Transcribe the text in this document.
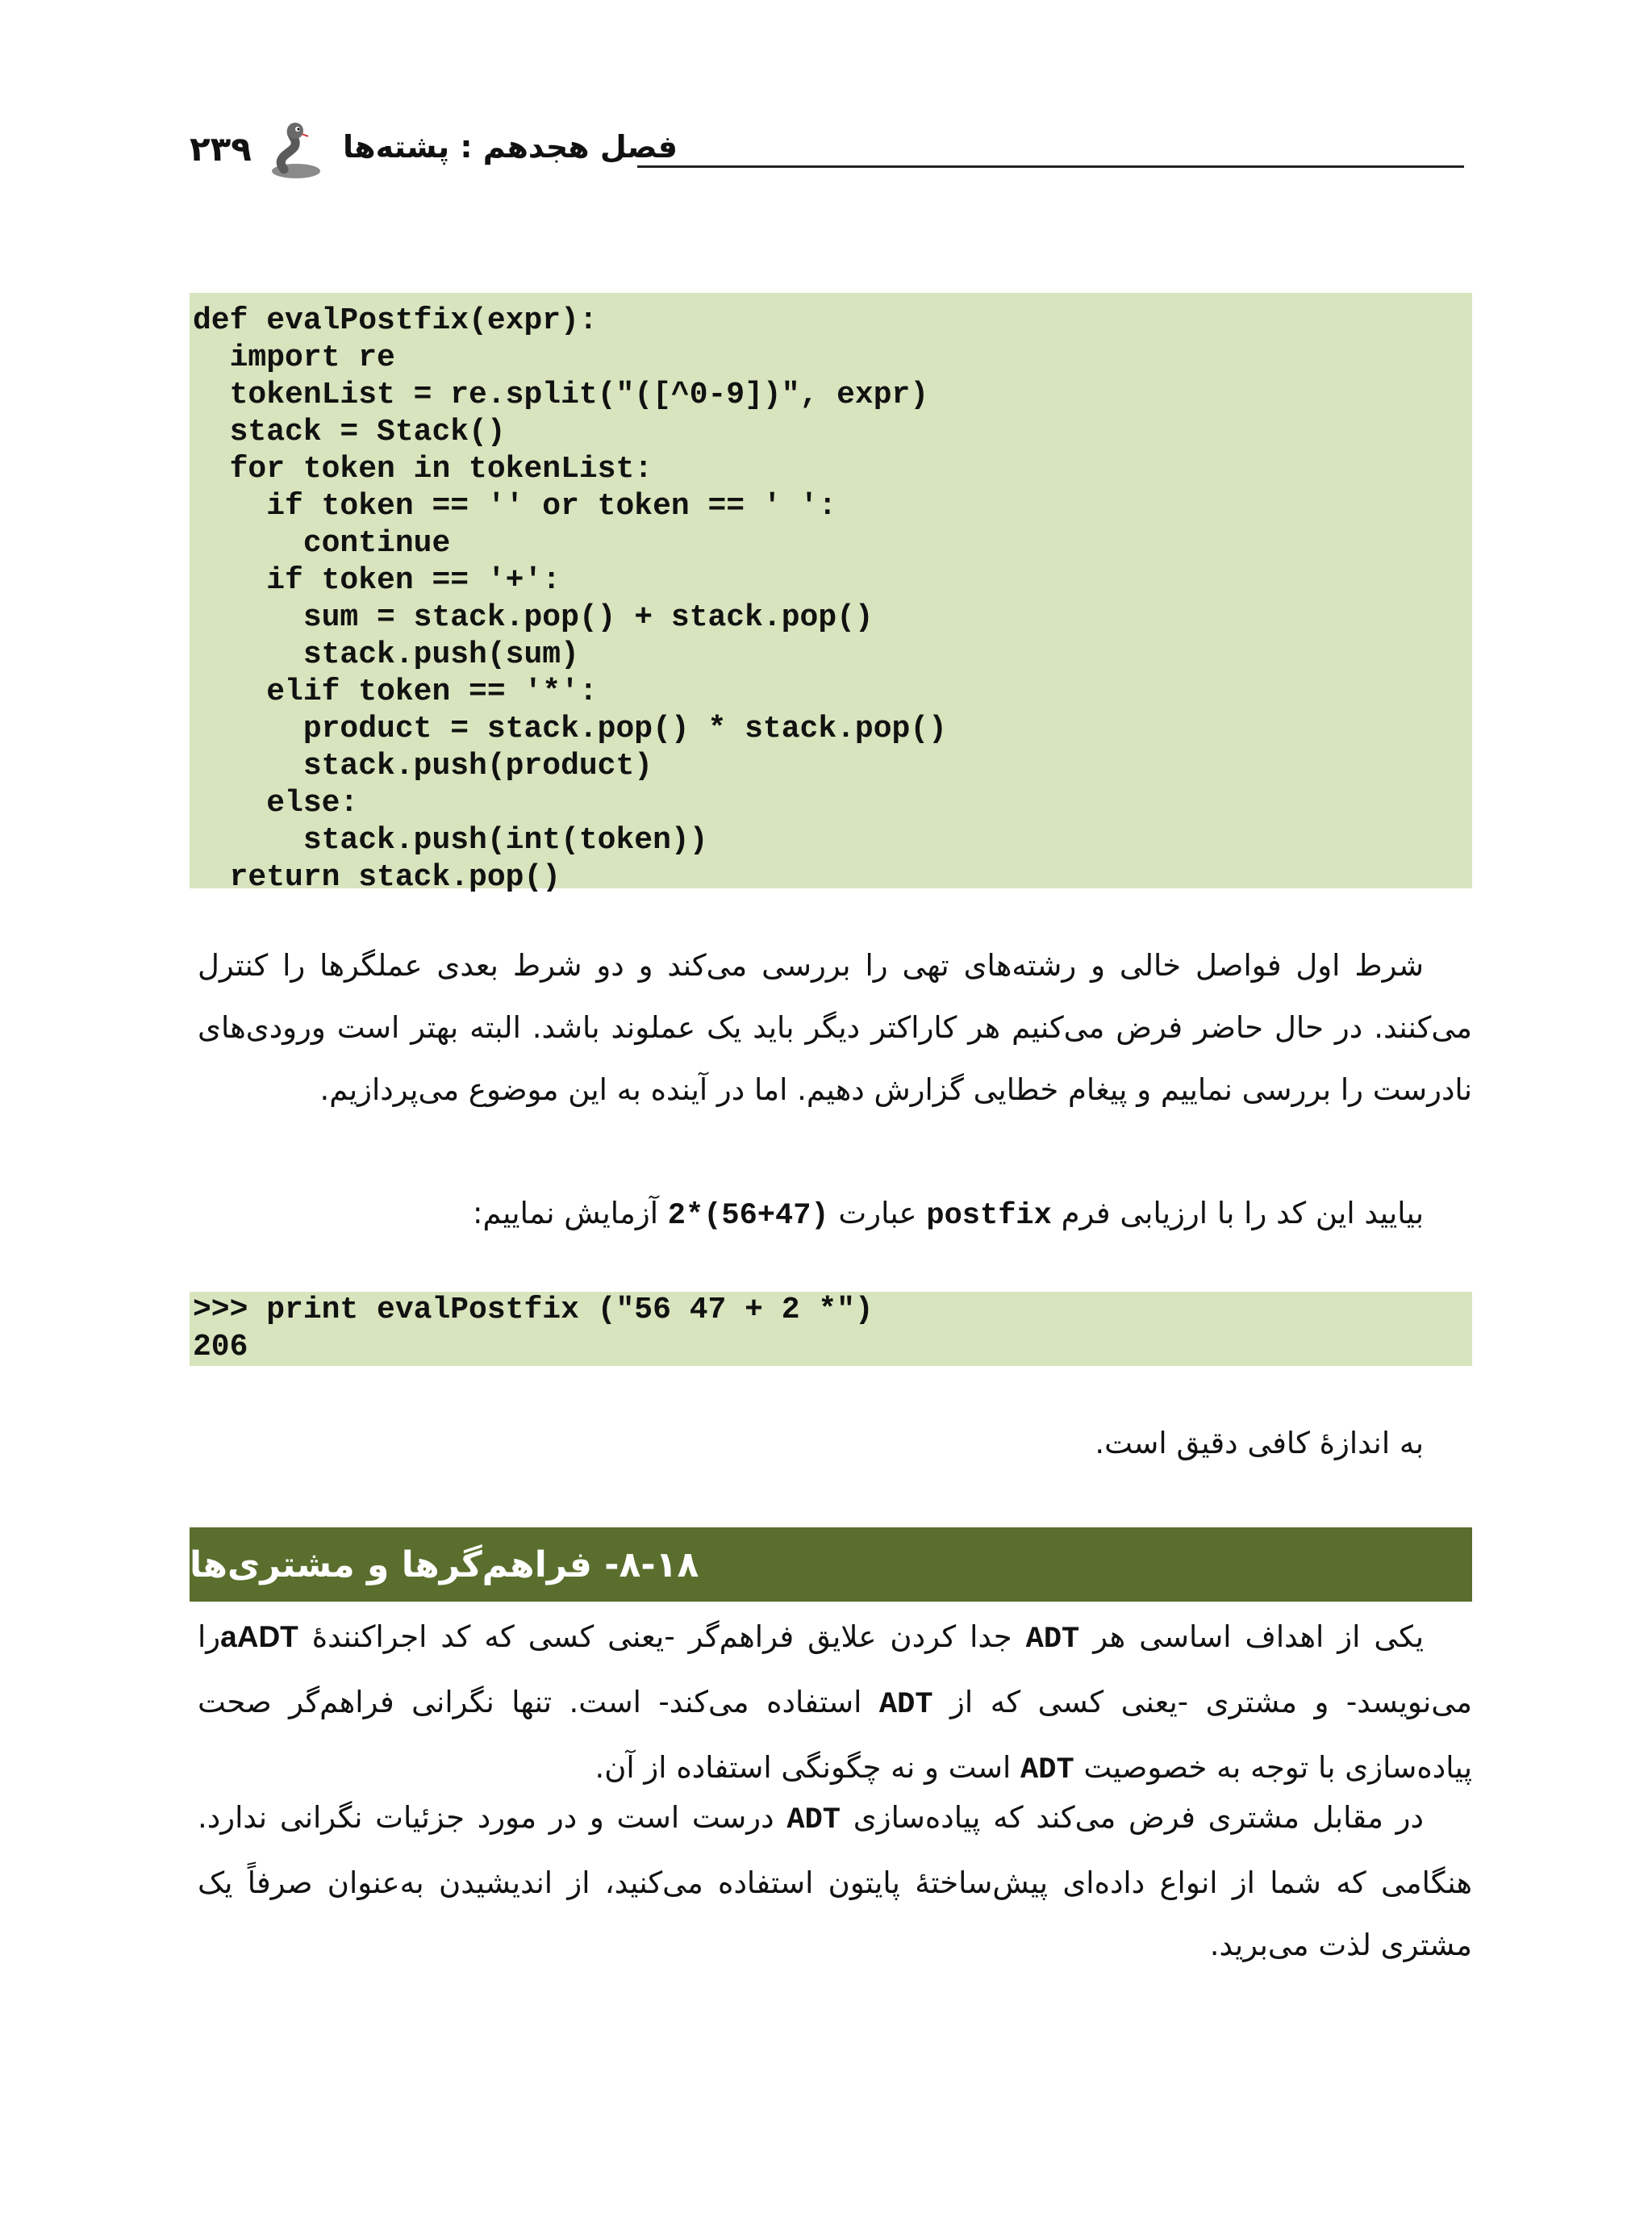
۲۳۹	فصل هجدهم : پشته‌ها
def evalPostfix(expr):
import re
tokenList = re.split("([^0-9])", expr)
stack = Stack()
for token in tokenList:
if token == '' or token == ' ':
continue
if token == '+':
sum = stack.pop() + stack.pop()
stack.push(sum)
elif token == '*':
product = stack.pop() * stack.pop()
stack.push(product)
else:
stack.push(int(token))
return stack.pop()

شرط اول فواصل خالی و رشته‌های تهی را بررسی می‌کند و دو شرط بعدی عملگرها را کنترل می‌کنند. در حال حاضر فرض می‌کنیم هر کاراکتر دیگر باید یک عملوند باشد. البته بهتر است ورودی‌های نادرست را بررسی نماییم و پیغام خطایی گزارش دهیم. اما در آینده به این موضوع می‌پردازیم.

بیایید این کد را با ارزیابی فرم postfix عبارت 2*(56+47) آزمایش نماییم:

>>> print evalPostfix ("56 47 + 2 *")
206

به اندازهٔ کافی دقیق است.

۸-۱۸- فراهم‌گرها و مشتری‌ها

یکی از اهداف اساسی هر ADT جدا کردن علایق فراهم‌گر -یعنی کسی که کد اجراکنندهٔ aADTرا می‌نویسد- و مشتری -یعنی کسی که از ADT استفاده می‌کند- است. تنها نگرانی فراهم‌گر صحت پیاده‌سازی با توجه به خصوصیت ADT است و نه چگونگی استفاده از آن.

در مقابل مشتری فرض می‌کند که پیاده‌سازی ADT درست است و در مورد جزئیات نگرانی ندارد. هنگامی که شما از انواع داده‌ای پیش‌ساختهٔ پایتون استفاده می‌کنید، از اندیشیدن به‌عنوان صرفاً یک مشتری لذت می‌برید.
